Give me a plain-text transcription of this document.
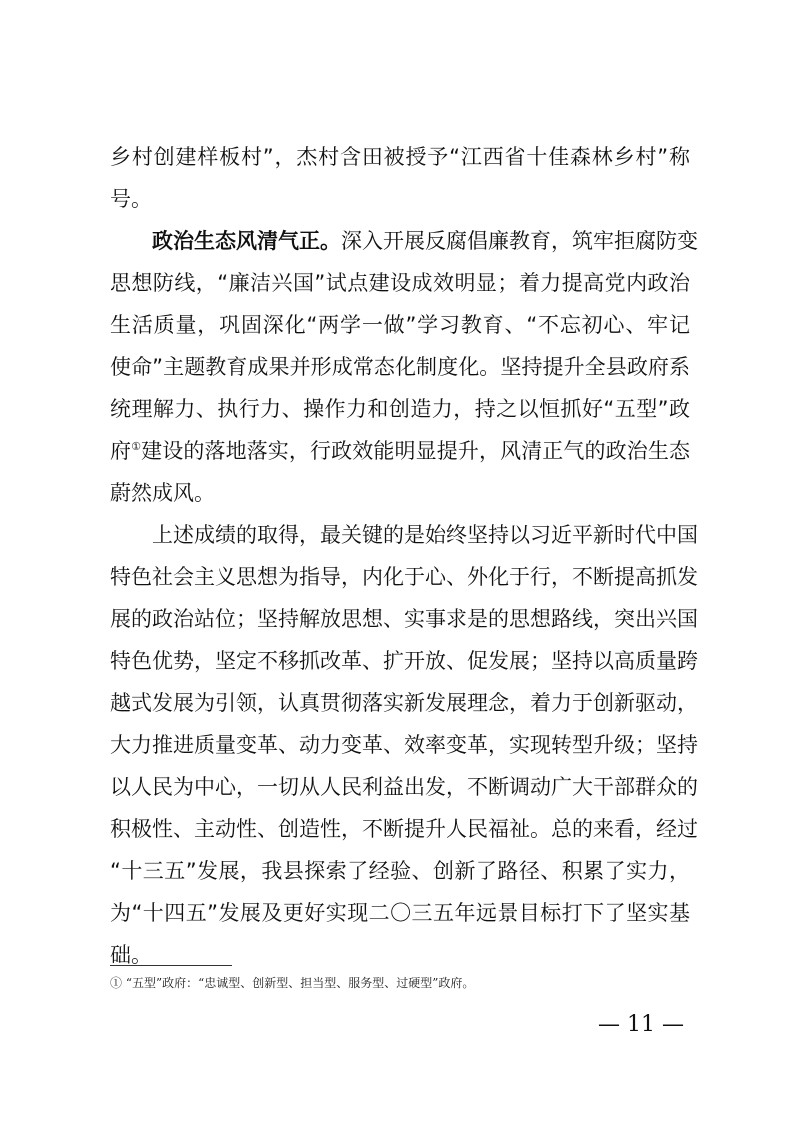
乡村创建样板村”，杰村含田被授予“江西省十佳森林乡村”称
号。
政治生态风清气正。深入开展反腐倡廉教育，筑牢拒腐防变
思想防线，“廉洁兴国”试点建设成效明显；着力提高党内政治
生活质量，巩固深化“两学一做”学习教育、“不忘初心、牢记
使命”主题教育成果并形成常态化制度化。坚持提升全县政府系
统理解力、执行力、操作力和创造力，持之以恒抓好“五型”政
府①建设的落地落实，行政效能明显提升，风清正气的政治生态
蔚然成风。
上述成绩的取得，最关键的是始终坚持以习近平新时代中国
特色社会主义思想为指导，内化于心、外化于行，不断提高抓发
展的政治站位；坚持解放思想、实事求是的思想路线，突出兴国
特色优势，坚定不移抓改革、扩开放、促发展；坚持以高质量跨
越式发展为引领，认真贯彻落实新发展理念，着力于创新驱动，
大力推进质量变革、动力变革、效率变革，实现转型升级；坚持
以人民为中心，一切从人民利益出发，不断调动广大干部群众的
积极性、主动性、创造性，不断提升人民福祉。总的来看，经过
“十三五”发展，我县探索了经验、创新了路径、积累了实力，
为“十四五”发展及更好实现二〇三五年远景目标打下了坚实基
础。
① “五型”政府：“忠诚型、创新型、担当型、服务型、过硬型”政府。
— 11 —
